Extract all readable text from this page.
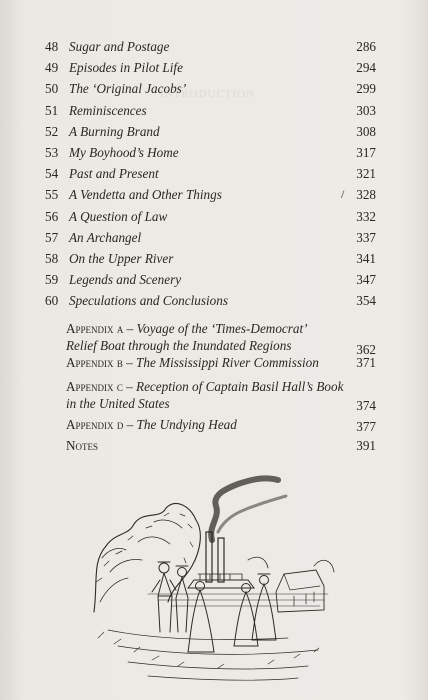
INTRODUCTION
48 Sugar and Postage	286
49 Episodes in Pilot Life	294
50 The ‘Original Jacobs’	299
51 Reminiscences	303
52 A Burning Brand	308
53 My Boyhood’s Home	317
54 Past and Present	321
55 A Vendetta and Other Things	328
56 A Question of Law	332
57 An Archangel	337
58 On the Upper River	341
59 Legends and Scenery	347
60 Speculations and Conclusions	354
/
Appendix a – Voyage of the ‘Times-Democrat’
Relief Boat through the Inundated Regions	362
Appendix b – The Mississippi River Commission	371
Appendix c – Reception of Captain Basil Hall’s Book
in the United States	374
Appendix d – The Undying Head	377
Notes	391
